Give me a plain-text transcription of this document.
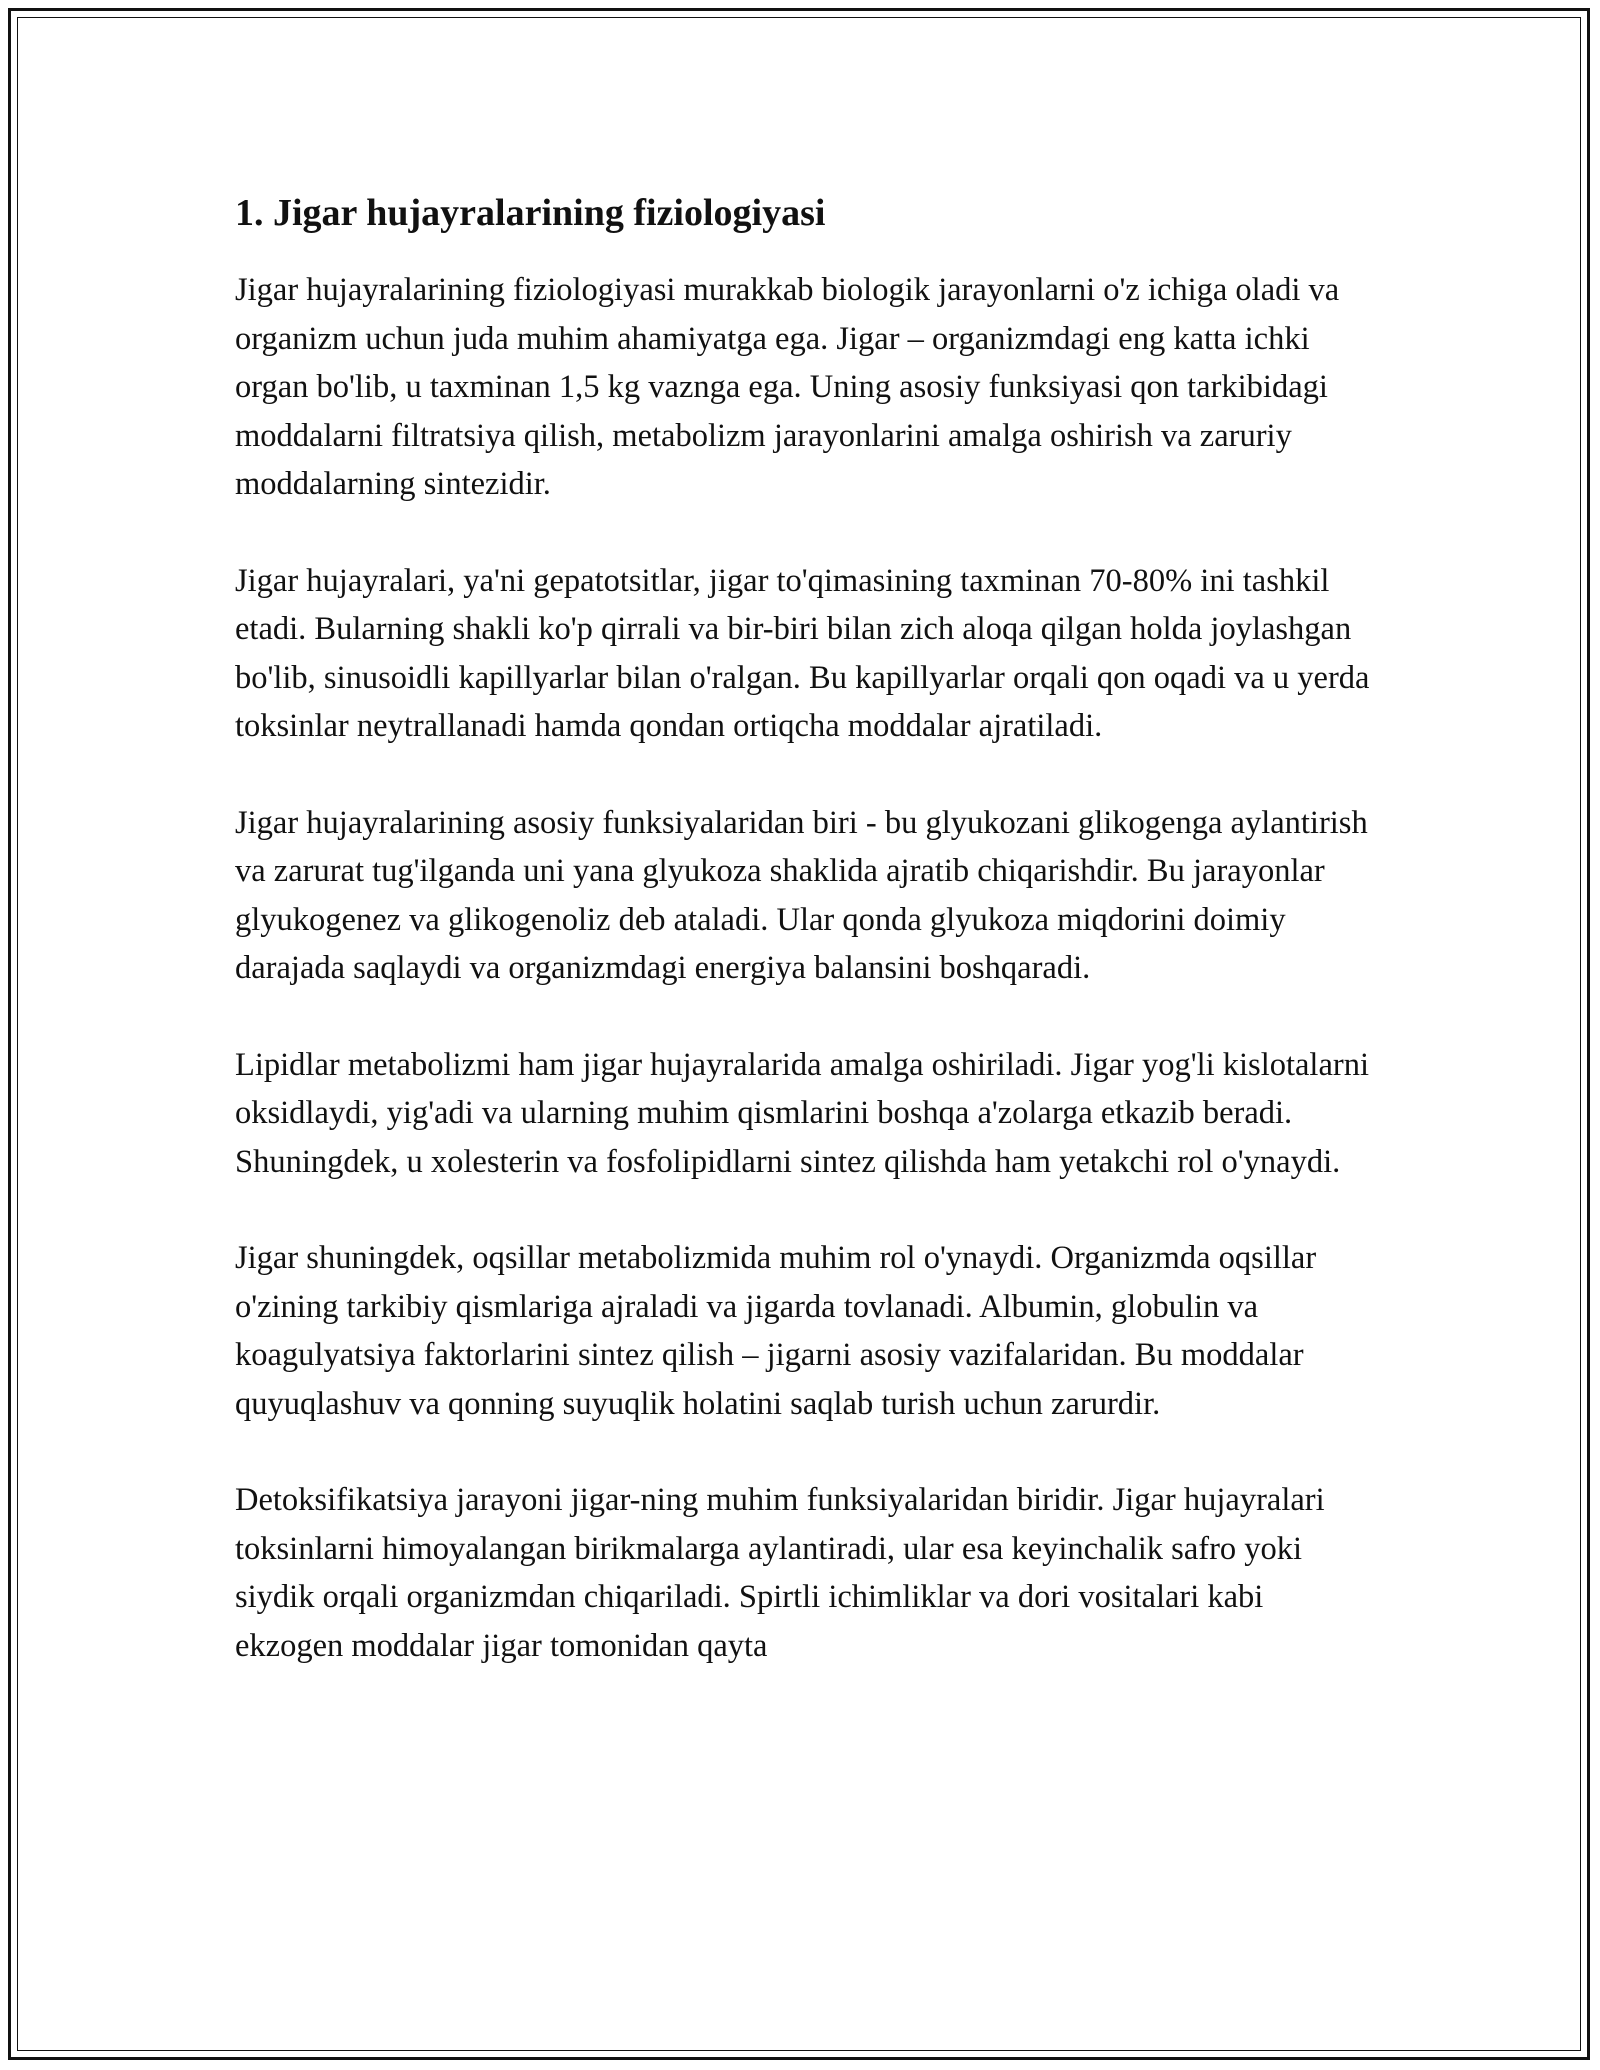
1. Jigar hujayralarining fiziologiyasi

Jigar hujayralarining fiziologiyasi murakkab biologik jarayonlarni o'z ichiga oladi va organizm uchun juda muhim ahamiyatga ega. Jigar – organizmdagi eng katta ichki organ bo'lib, u taxminan 1,5 kg vaznga ega. Uning asosiy funksiyasi qon tarkibidagi moddalarni filtratsiya qilish, metabolizm jarayonlarini amalga oshirish va zaruriy moddalarning sintezidir.

Jigar hujayralari, ya'ni gepatotsitlar, jigar to'qimasining taxminan 70-80% ini tashkil etadi. Bularning shakli ko'p qirrali va bir-biri bilan zich aloqa qilgan holda joylashgan bo'lib, sinusoidli kapillyarlar bilan o'ralgan. Bu kapillyarlar orqali qon oqadi va u yerda toksinlar neytrallanadi hamda qondan ortiqcha moddalar ajratiladi.

Jigar hujayralarining asosiy funksiyalaridan biri - bu glyukozani glikogenga aylantirish va zarurat tug'ilganda uni yana glyukoza shaklida ajratib chiqarishdir. Bu jarayonlar glyukogenez va glikogenoliz deb ataladi. Ular qonda glyukoza miqdorini doimiy darajada saqlaydi va organizmdagi energiya balansini boshqaradi.

Lipidlar metabolizmi ham jigar hujayralarida amalga oshiriladi. Jigar yog'li kislotalarni oksidlaydi, yig'adi va ularning muhim qismlarini boshqa a'zolarga etkazib beradi. Shuningdek, u xolesterin va fosfolipidlarni sintez qilishda ham yetakchi rol o'ynaydi.

Jigar shuningdek, oqsillar metabolizmida muhim rol o'ynaydi. Organizmda oqsillar o'zining tarkibiy qismlariga ajraladi va jigarda tovlanadi. Albumin, globulin va koagulyatsiya faktorlarini sintez qilish – jigarni asosiy vazifalaridan. Bu moddalar quyuqlashuv va qonning suyuqlik holatini saqlab turish uchun zarurdir.

Detoksifikatsiya jarayoni jigar-ning muhim funksiyalaridan biridir. Jigar hujayralari toksinlarni himoyalangan birikmalarga aylantiradi, ular esa keyinchalik safro yoki siydik orqali organizmdan chiqariladi. Spirtli ichimliklar va dori vositalari kabi ekzogen moddalar jigar tomonidan qayta
